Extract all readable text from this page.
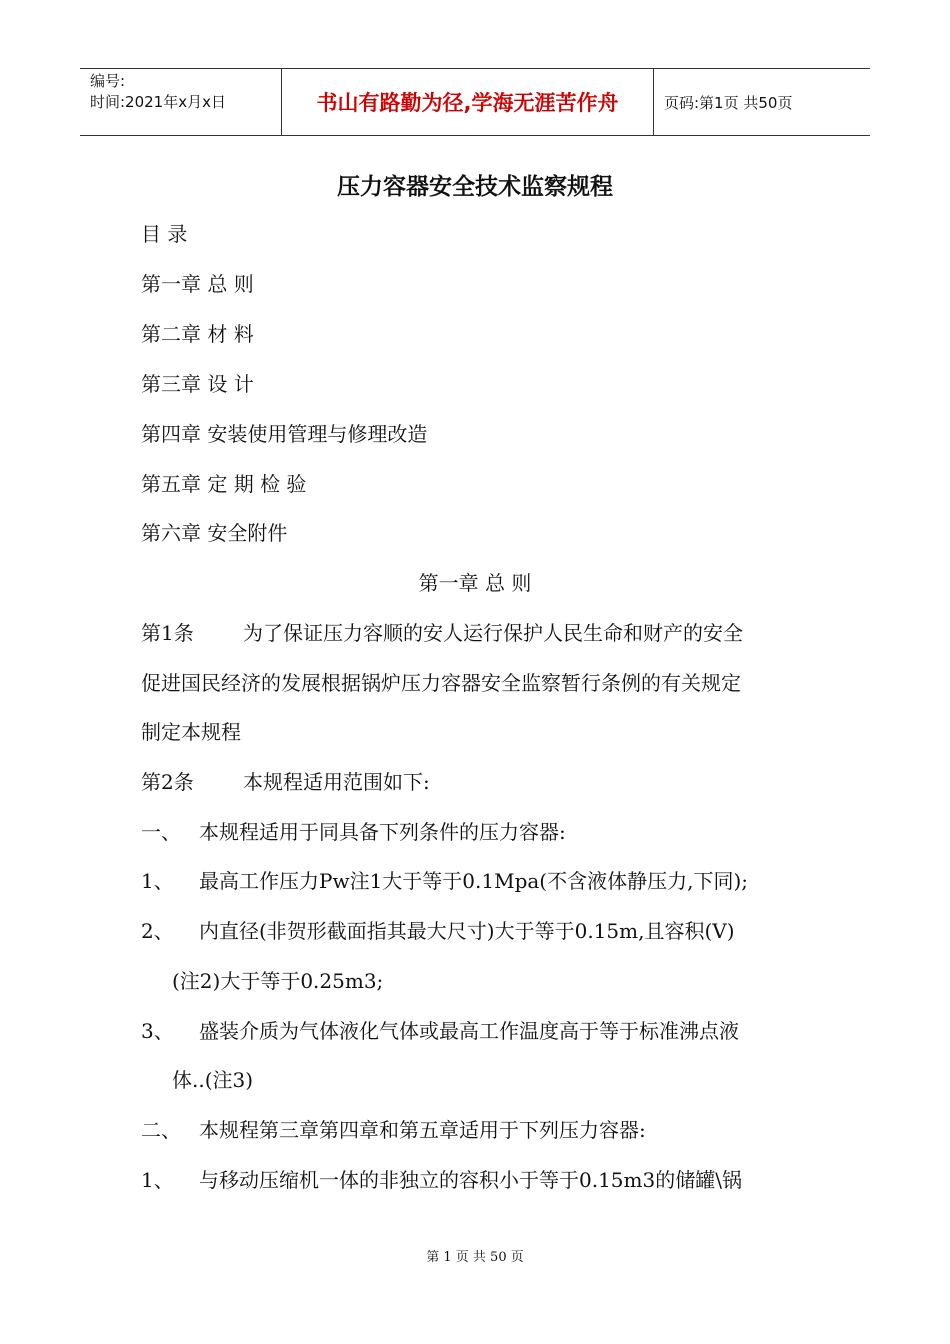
编号:
时间:2021年x月x日	书山有路勤为径,学海无涯苦作舟	页码:第1页 共50页
压力容器安全技术监察规程
目 录
第一章 总 则
第二章 材 料
第三章 设 计
第四章 安装使用管理与修理改造
第五章 定 期 检 验
第六章 安全附件
第一章 总 则
第1条 为了保证压力容顺的安人运行保护人民生命和财产的安全
促进国民经济的发展根据锅炉压力容器安全监察暂行条例的有关规定
制定本规程
第2条 本规程适用范围如下:
一、 本规程适用于同具备下列条件的压力容器:
1、 最高工作压力Pw注1大于等于0.1Mpa(不含液体静压力,下同);
2、 内直径(非贺形截面指其最大尺寸)大于等于0.15m,且容积(V)
(注2)大于等于0.25m3;
3、 盛装介质为气体液化气体或最高工作温度高于等于标准沸点液
体..(注3)
二、 本规程第三章第四章和第五章适用于下列压力容器:
1、 与移动压缩机一体的非独立的容积小于等于0.15m3的储罐\锅
第 1 页 共 50 页
